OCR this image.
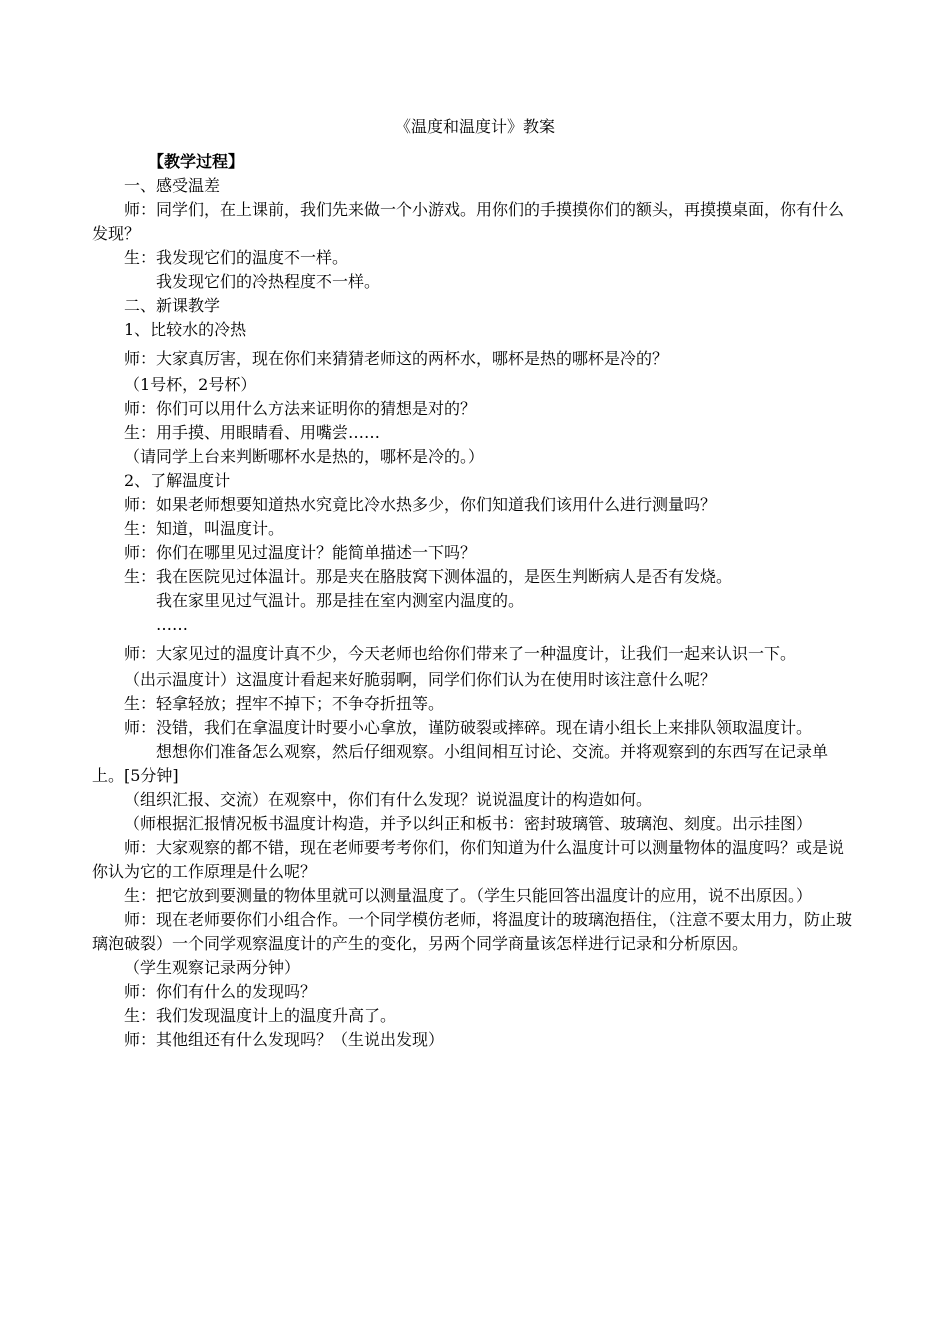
《温度和温度计》教案
【教学过程】

一、感受温差

师：同学们，在上课前，我们先来做一个小游戏。用你们的手摸摸你们的额头，再摸摸桌面，你有什么发现？

生：我发现它们的温度不一样。

我发现它们的冷热程度不一样。

二、新课教学

1、比较水的冷热

师：大家真厉害，现在你们来猜猜老师这的两杯水，哪杯是热的哪杯是冷的？

（1号杯，2号杯）

师：你们可以用什么方法来证明你的猜想是对的？

生：用手摸、用眼睛看、用嘴尝……

（请同学上台来判断哪杯水是热的，哪杯是冷的。）

2、了解温度计

师：如果老师想要知道热水究竟比冷水热多少，你们知道我们该用什么进行测量吗？

生：知道，叫温度计。

师：你们在哪里见过温度计？能简单描述一下吗？

生：我在医院见过体温计。那是夹在胳肢窝下测体温的，是医生判断病人是否有发烧。

我在家里见过气温计。那是挂在室内测室内温度的。

……

师：大家见过的温度计真不少，今天老师也给你们带来了一种温度计，让我们一起来认识一下。

（出示温度计）这温度计看起来好脆弱啊，同学们你们认为在使用时该注意什么呢？

生：轻拿轻放；捏牢不掉下；不争夺折扭等。

师：没错，我们在拿温度计时要小心拿放，谨防破裂或摔碎。现在请小组长上来排队领取温度计。

想想你们准备怎么观察，然后仔细观察。小组间相互讨论、交流。并将观察到的东西写在记录单上。[5分钟]

（组织汇报、交流）在观察中，你们有什么发现？说说温度计的构造如何。

（师根据汇报情况板书温度计构造，并予以纠正和板书：密封玻璃管、玻璃泡、刻度。出示挂图）

师：大家观察的都不错，现在老师要考考你们，你们知道为什么温度计可以测量物体的温度吗？或是说你认为它的工作原理是什么呢？

生：把它放到要测量的物体里就可以测量温度了。（学生只能回答出温度计的应用，说不出原因。）

师：现在老师要你们小组合作。一个同学模仿老师，将温度计的玻璃泡捂住，（注意不要太用力，防止玻璃泡破裂）一个同学观察温度计的产生的变化，另两个同学商量该怎样进行记录和分析原因。

（学生观察记录两分钟）

师：你们有什么的发现吗？

生：我们发现温度计上的温度升高了。

师：其他组还有什么发现吗？（生说出发现）
